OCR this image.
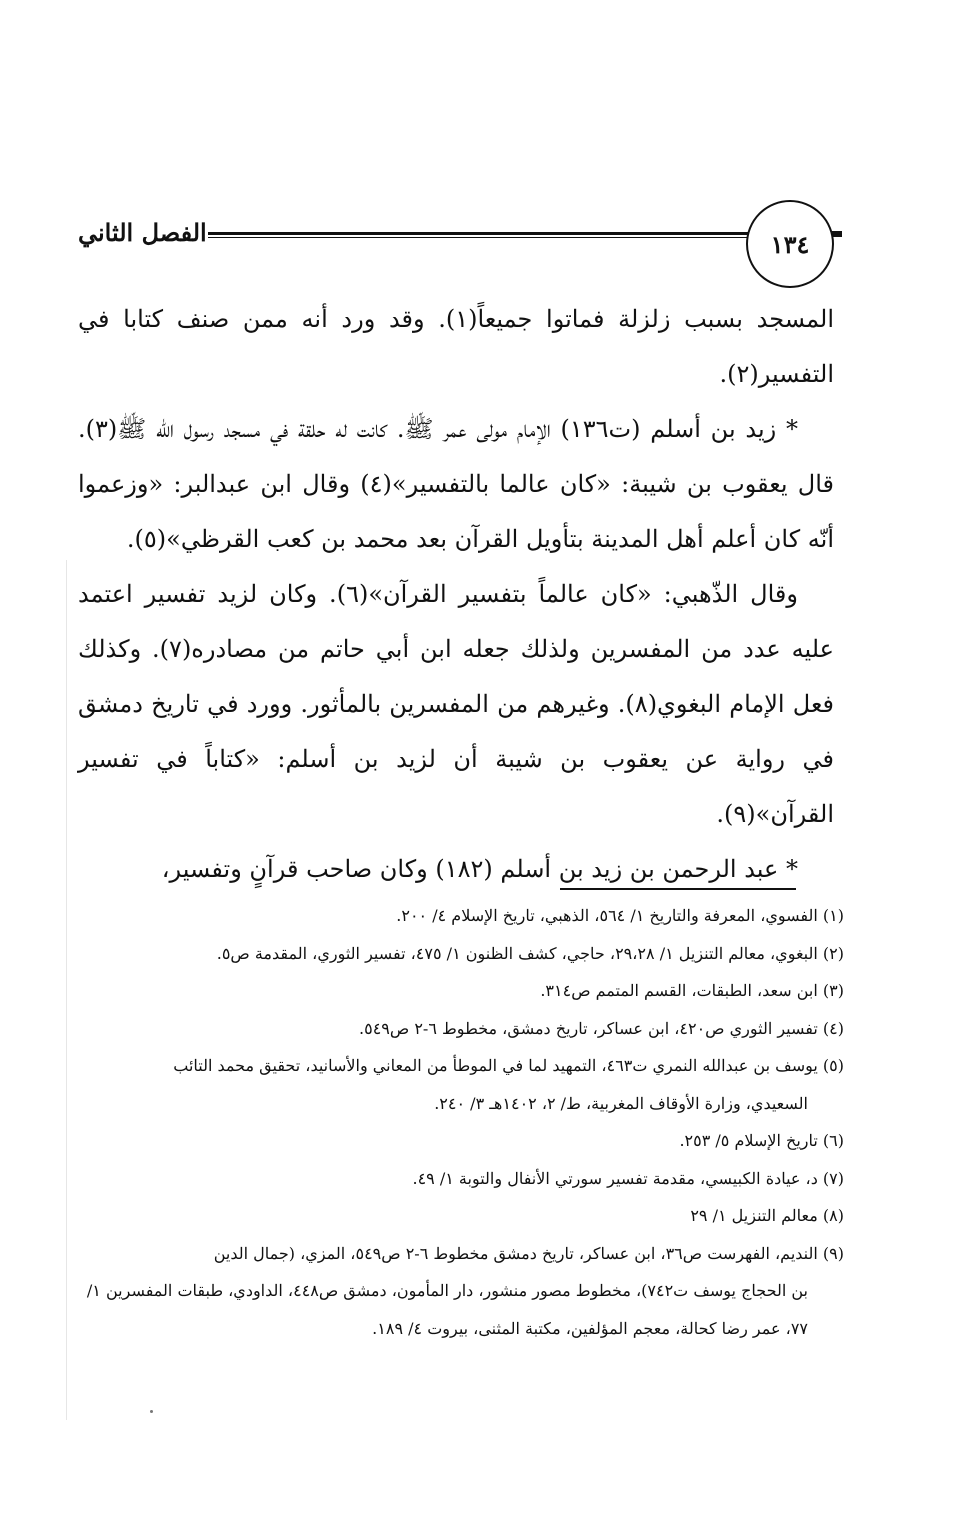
الفصل الثاني	١٣٤

المسجد بسبب زلزلة فماتوا جميعاً(١). وقد ورد أنه ممن صنف كتابا في التفسير(٢).

* زيد بن أسلم (ت١٣٦) الإمام مولى عمر ﷺ. كانت له حلقة في مسجد رسول الله ﷺ(٣). قال يعقوب بن شيبة: «كان عالما بالتفسير»(٤) وقال ابن عبدالبر: «وزعموا أنّه كان أعلم أهل المدينة بتأويل القرآن بعد محمد بن كعب القرظي»(٥).

وقال الذّهبي: «كان عالماً بتفسير القرآن»(٦). وكان لزيد تفسير اعتمد عليه عدد من المفسرين ولذلك جعله ابن أبي حاتم من مصادره(٧). وكذلك فعل الإمام البغوي(٨). وغيرهم من المفسرين بالمأثور. وورد في تاريخ دمشق في رواية عن يعقوب بن شيبة أن لزيد بن أسلم: «كتاباً في تفسير القرآن»(٩).

* عبد الرحمن بن زيد بن أسلم (١٨٢) وكان صاحب قرآنٍ وتفسير،

(١) الفسوي، المعرفة والتاريخ ١/ ٥٦٤، الذهبي، تاريخ الإسلام ٤/ ٢٠٠.

(٢) البغوي، معالم التنزيل ١/ ٢٩،٢٨، حاجي، كشف الظنون ١/ ٤٧٥، تفسير الثوري، المقدمة ص٥.

(٣) ابن سعد، الطبقات، القسم المتمم ص٣١٤.

(٤) تفسير الثوري ص٤٢٠، ابن عساكر، تاريخ دمشق، مخطوط ٦-٢ ص٥٤٩.

(٥) يوسف بن عبدالله النمري ت٤٦٣، التمهيد لما في الموطأ من المعاني والأسانيد، تحقيق محمد التائب
السعيدي، وزارة الأوقاف المغربية، ط/ ٢، ١٤٠٢هـ ٣/ ٢٤٠.

(٦) تاريخ الإسلام ٥/ ٢٥٣.

(٧) د، عيادة الكبيسي، مقدمة تفسير سورتي الأنفال والتوبة ١/ ٤٩.

(٨) معالم التنزيل ١/ ٢٩

(٩) النديم، الفهرست ص٣٦، ابن عساكر، تاريخ دمشق مخطوط ٦-٢ ص٥٤٩، المزي، (جمال الدين
بن الحجاج يوسف ت٧٤٢)، مخطوط مصور منشور، دار المأمون، دمشق ص٤٤٨، الداودي، طبقات المفسرين ١/ ٧٧، عمر رضا كحالة، معجم المؤلفين، مكتبة المثنى، بيروت ٤/ ١٨٩.
